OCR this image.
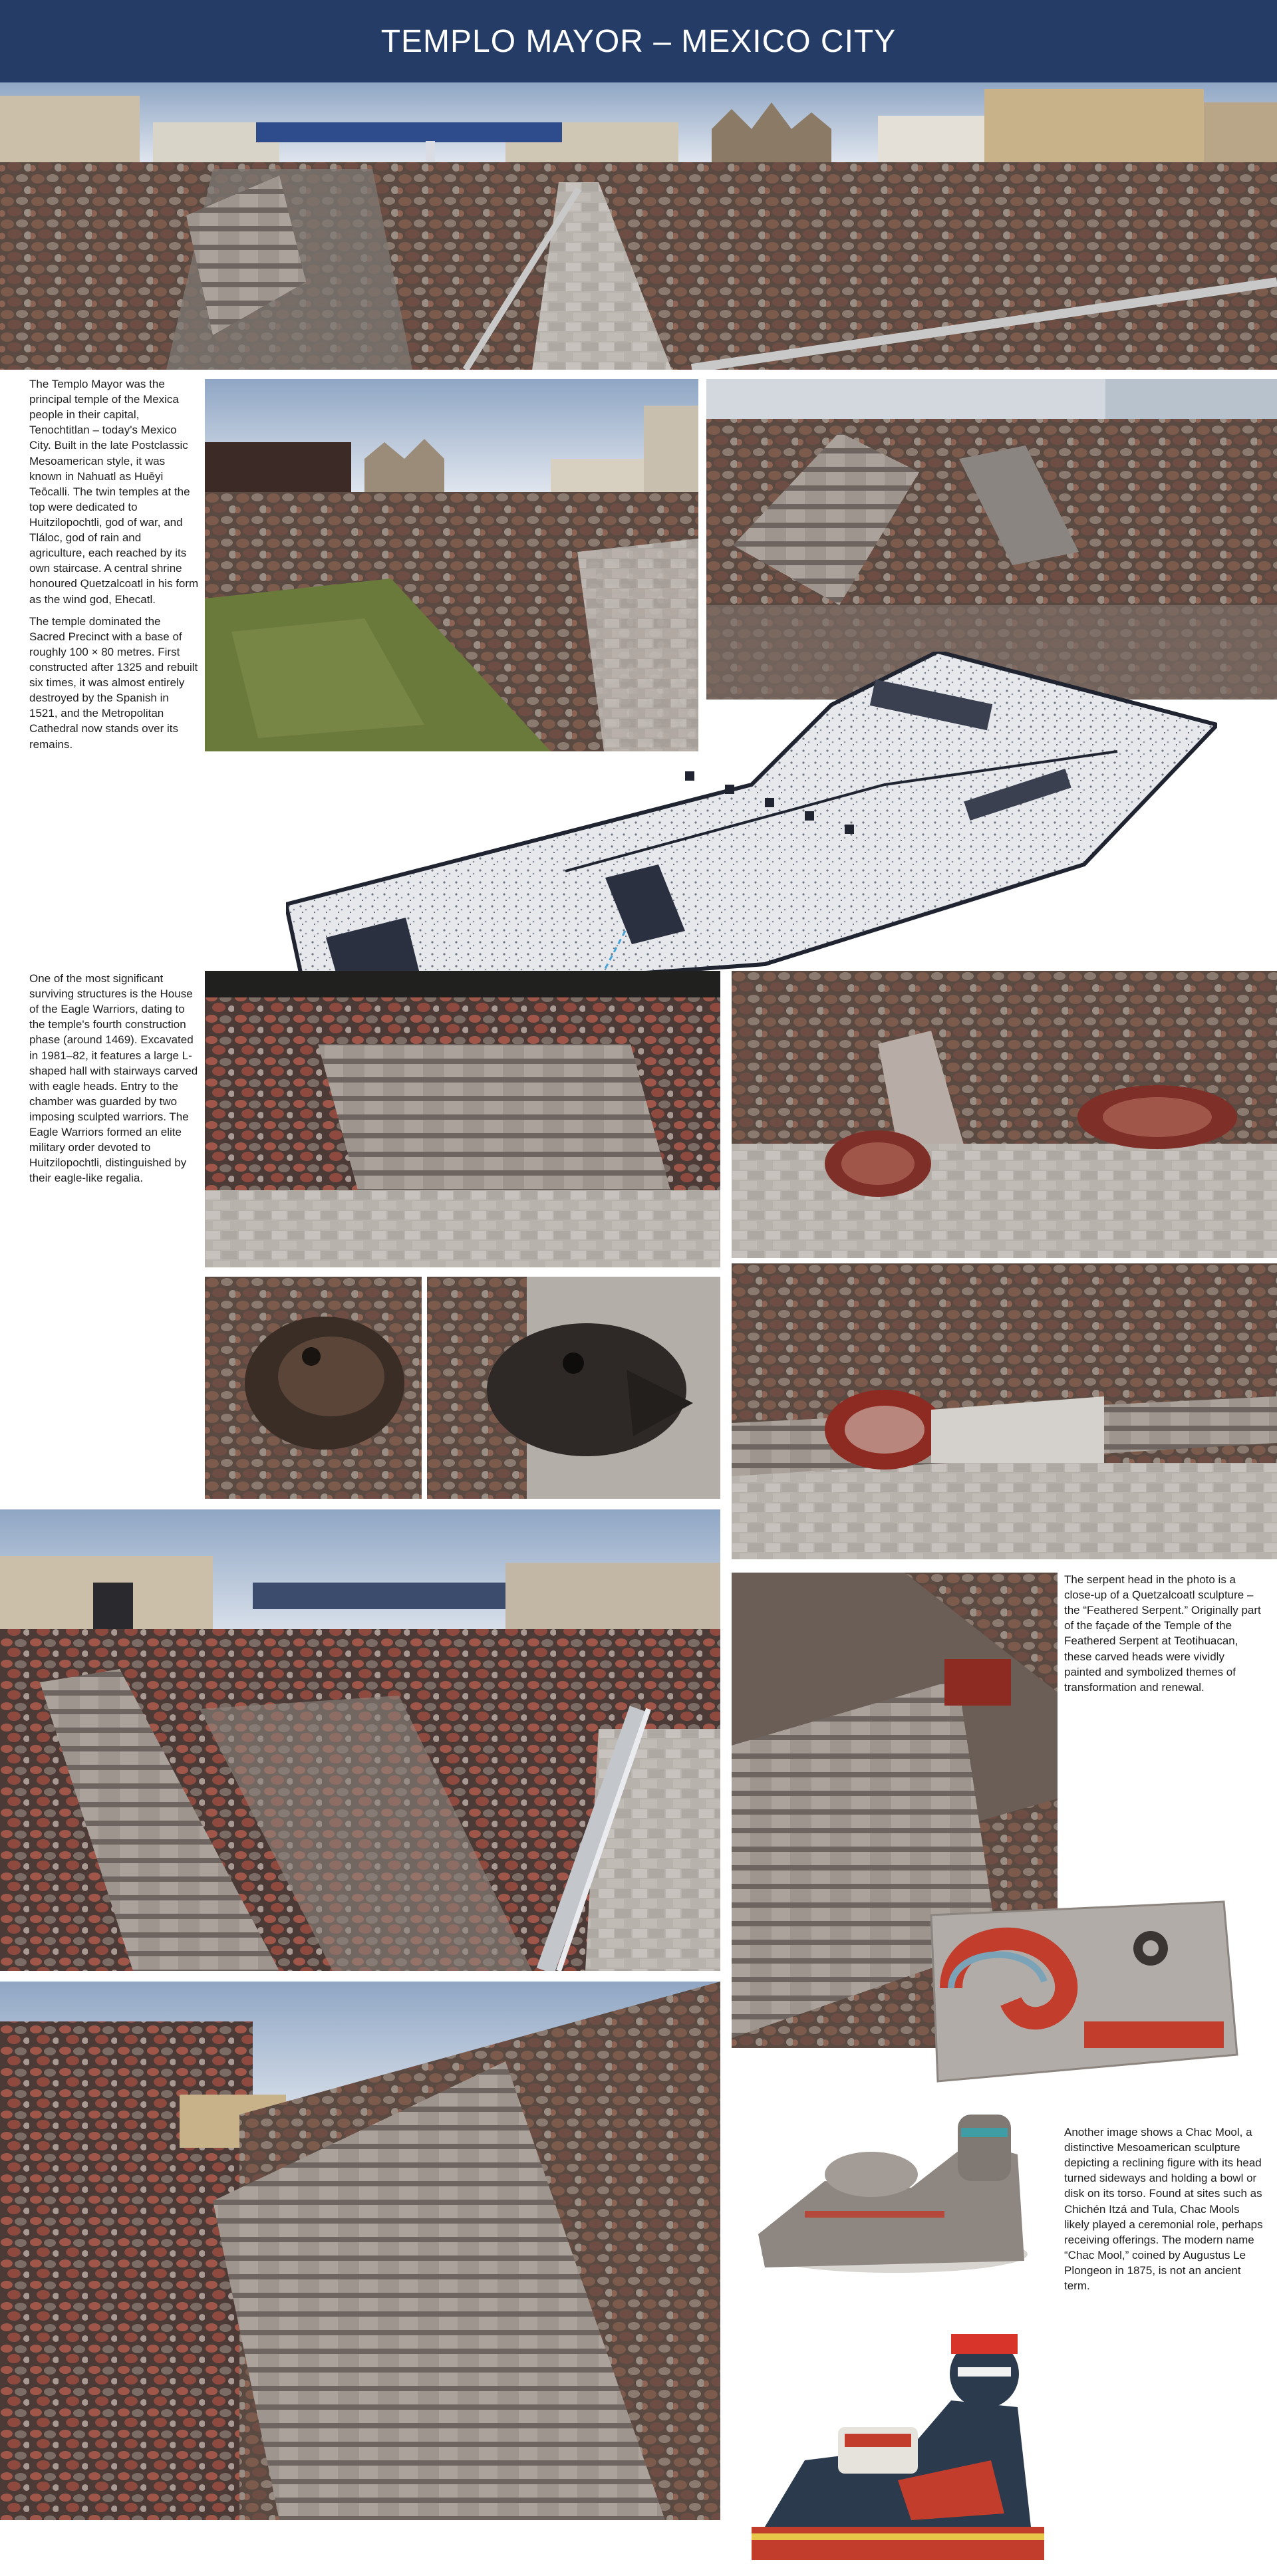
TEMPLO MAYOR – MEXICO CITY

The Templo Mayor was the principal temple of the Mexica people in their capital, Tenochtitlan – today's Mexico City. Built in the late Postclassic Mesoamerican style, it was known in Nahuatl as Huēyi Teōcalli. The twin temples at the top were dedicated to Huitzilopochtli, god of war, and Tláloc, god of rain and agriculture, each reached by its own staircase. A central shrine honoured Quetzalcoatl in his form as the wind god, Ehecatl.

The temple dominated the Sacred Precinct with a base of roughly 100 × 80 metres. First constructed after 1325 and rebuilt six times, it was almost entirely destroyed by the Spanish in 1521, and the Metropolitan Cathedral now stands over its remains.

One of the most significant surviving structures is the House of the Eagle Warriors, dating to the temple's fourth construction phase (around 1469). Excavated in 1981–82, it features a large L-shaped hall with stairways carved with eagle heads. Entry to the chamber was guarded by two imposing sculpted warriors. The Eagle Warriors formed an elite military order devoted to Huitzilopochtli, distinguished by their eagle-like regalia.

The serpent head in the photo is a close-up of a Quetzalcoatl sculpture – the “Feathered Serpent.” Originally part of the façade of the Temple of the Feathered Serpent at Teotihuacan, these carved heads were vividly painted and symbolized themes of transformation and renewal.

Another image shows a Chac Mool, a distinctive Mesoamerican sculpture depicting a reclining figure with its head turned sideways and holding a bowl or disk on its torso. Found at sites such as Chichén Itzá and Tula, Chac Mools likely played a ceremonial role, perhaps receiving offerings. The modern name “Chac Mool,” coined by Augustus Le Plongeon in 1875, is not an ancient term.
